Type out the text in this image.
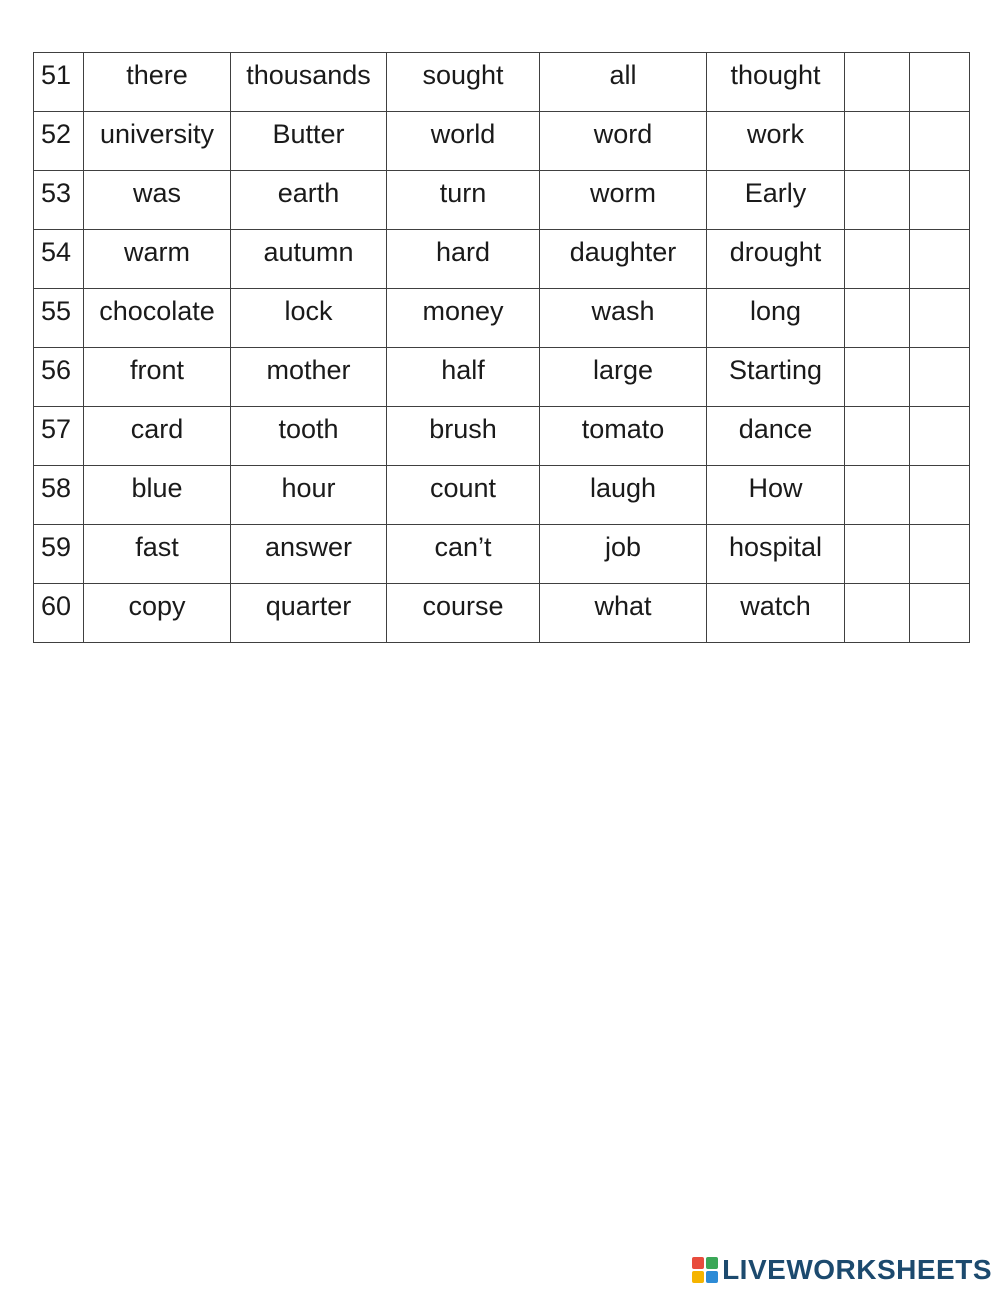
51	there	thousands	sought	all	thought		
52	university	Butter	world	word	work		
53	was	earth	turn	worm	Early		
54	warm	autumn	hard	daughter	drought		
55	chocolate	lock	money	wash	long		
56	front	mother	half	large	Starting		
57	card	tooth	brush	tomato	dance		
58	blue	hour	count	laugh	How		
59	fast	answer	can’t	job	hospital		
60	copy	quarter	course	what	watch		
LIVEWORKSHEETS
